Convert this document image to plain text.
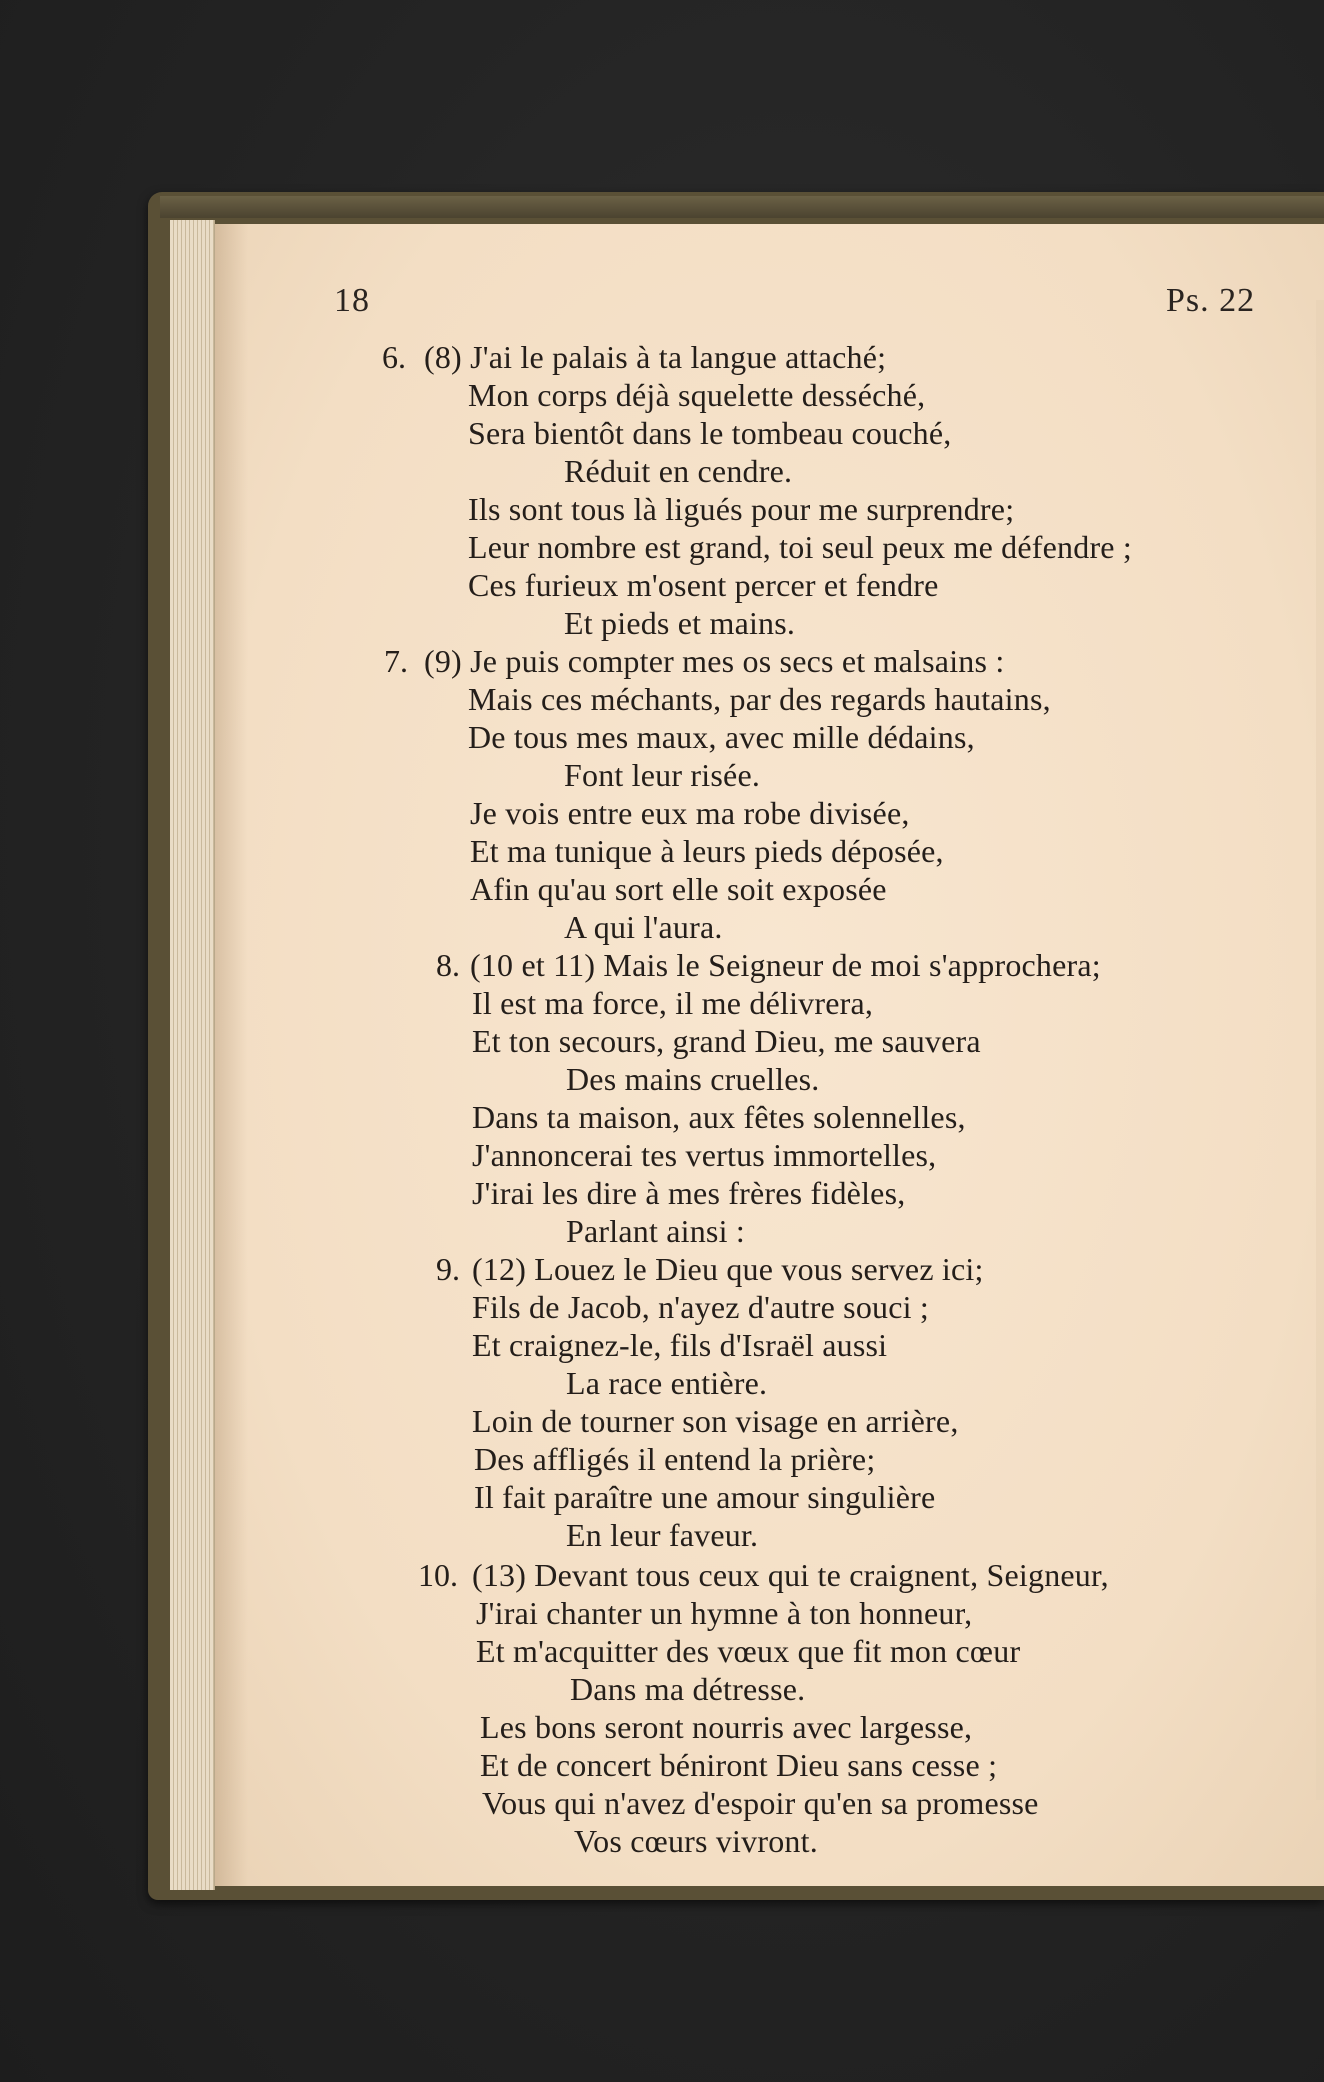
18	Ps. 22
6. (8) J'ai le palais à ta langue attaché;
Mon corps déjà squelette desséché,
Sera bientôt dans le tombeau couché,
Réduit en cendre.
Ils sont tous là ligués pour me surprendre;
Leur nombre est grand, toi seul peux me défendre ;
Ces furieux m'osent percer et fendre
Et pieds et mains.
7. (9) Je puis compter mes os secs et malsains :
Mais ces méchants, par des regards hautains,
De tous mes maux, avec mille dédains,
Font leur risée.
Je vois entre eux ma robe divisée,
Et ma tunique à leurs pieds déposée,
Afin qu'au sort elle soit exposée
A qui l'aura.
8. (10 et 11) Mais le Seigneur de moi s'approchera;
Il est ma force, il me délivrera,
Et ton secours, grand Dieu, me sauvera
Des mains cruelles.
Dans ta maison, aux fêtes solennelles,
J'annoncerai tes vertus immortelles,
J'irai les dire à mes frères fidèles,
Parlant ainsi :
9. (12) Louez le Dieu que vous servez ici;
Fils de Jacob, n'ayez d'autre souci ;
Et craignez-le, fils d'Israël aussi
La race entière.
Loin de tourner son visage en arrière,
Des affligés il entend la prière;
Il fait paraître une amour singulière
En leur faveur.
10. (13) Devant tous ceux qui te craignent, Seigneur,
J'irai chanter un hymne à ton honneur,
Et m'acquitter des vœux que fit mon cœur
Dans ma détresse.
Les bons seront nourris avec largesse,
Et de concert béniront Dieu sans cesse ;
Vous qui n'avez d'espoir qu'en sa promesse
Vos cœurs vivront.
